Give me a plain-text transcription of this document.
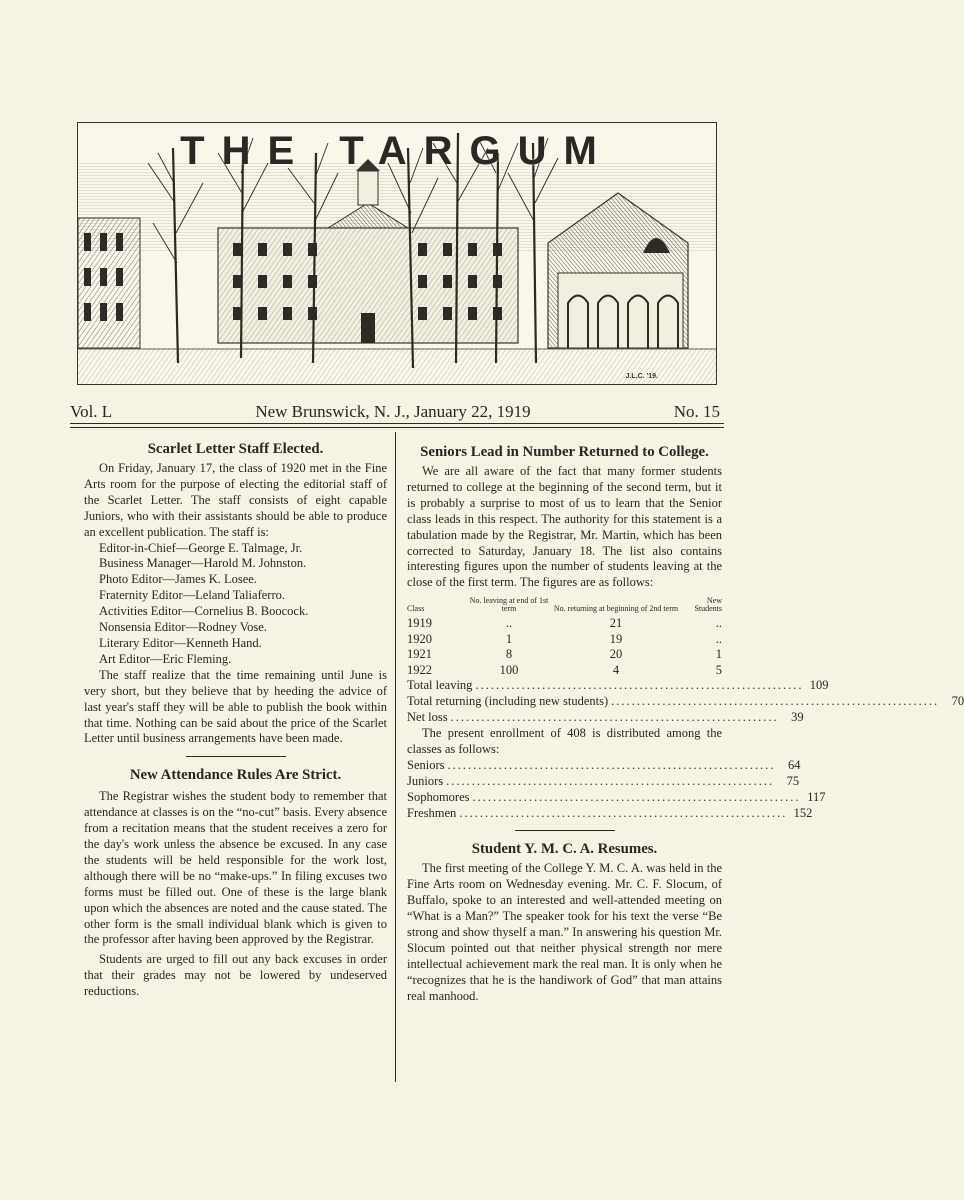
THE TARGUM
J.L.C. '19.
Vol. L	New Brunswick, N. J., January 22, 1919	No. 15
Scarlet Letter Staff Elected.

On Friday, January 17, the class of 1920 met in the Fine Arts room for the purpose of electing the editorial staff of the Scarlet Letter. The staff consists of eight capable Juniors, who with their assistants should be able to produce an excellent publication. The staff is:

Editor-in-Chief—George E. Talmage, Jr.

Business Manager—Harold M. Johnston.

Photo Editor—James K. Losee.

Fraternity Editor—Leland Taliaferro.

Activities Editor—Cornelius B. Boocock.

Nonsensia Editor—Rodney Vose.

Literary Editor—Kenneth Hand.

Art Editor—Eric Fleming.

The staff realize that the time remaining until June is very short, but they believe that by heeding the advice of last year's staff they will be able to publish the book within that time. Nothing can be said about the price of the Scarlet Letter until business arrangements have been made.

New Attendance Rules Are Strict.

The Registrar wishes the student body to remember that attendance at classes is on the “no-cut” basis. Every absence from a recitation means that the student receives a zero for the day's work unless the absence be excused. In any case the students will be held responsible for the work lost, although there will be no “make-ups.” In filing excuses two forms must be filled out. One of these is the large blank upon which the absences are noted and the cause stated. The other form is the small individual blank which is given to the professor after having been approved by the Registrar.

Students are urged to fill out any back excuses in order that their grades may not be lowered by undeserved reductions.

Seniors Lead in Number Returned to College.

We are all aware of the fact that many former students returned to college at the beginning of the second term, but it is probably a surprise to most of us to learn that the Senior class leads in this respect. The authority for this statement is a tabulation made by the Registrar, Mr. Martin, which has been corrected to Saturday, January 18. The list also contains interesting figures upon the number of students leaving at the close of the first term. The figures are as follows:

Class	No. leaving at end of 1st term	No. returning at beginning of 2nd term	New Students
1919	..	21	..
1920	1	19	..
1921	8	20	1
1922	100	4	5
Total leaving ................................................................ 109
Total returning (including new students) ................................................................	70
Net loss ................................................................	39

The present enrollment of 408 is distributed among the classes as follows:

Seniors ................................................................	64
Juniors ................................................................	75
Sophomores ................................................................ 117
Freshmen ................................................................ 152
Student Y. M. C. A. Resumes.

The first meeting of the College Y. M. C. A. was held in the Fine Arts room on Wednesday evening. Mr. C. F. Slocum, of Buffalo, spoke to an interested and well-attended meeting on “What is a Man?” The speaker took for his text the verse “Be strong and show thyself a man.” In answering his question Mr. Slocum pointed out that neither physical strength nor mere intellectual achievement mark the real man. It is only when he “recognizes that he is the handiwork of God” that man attains real manhood.
